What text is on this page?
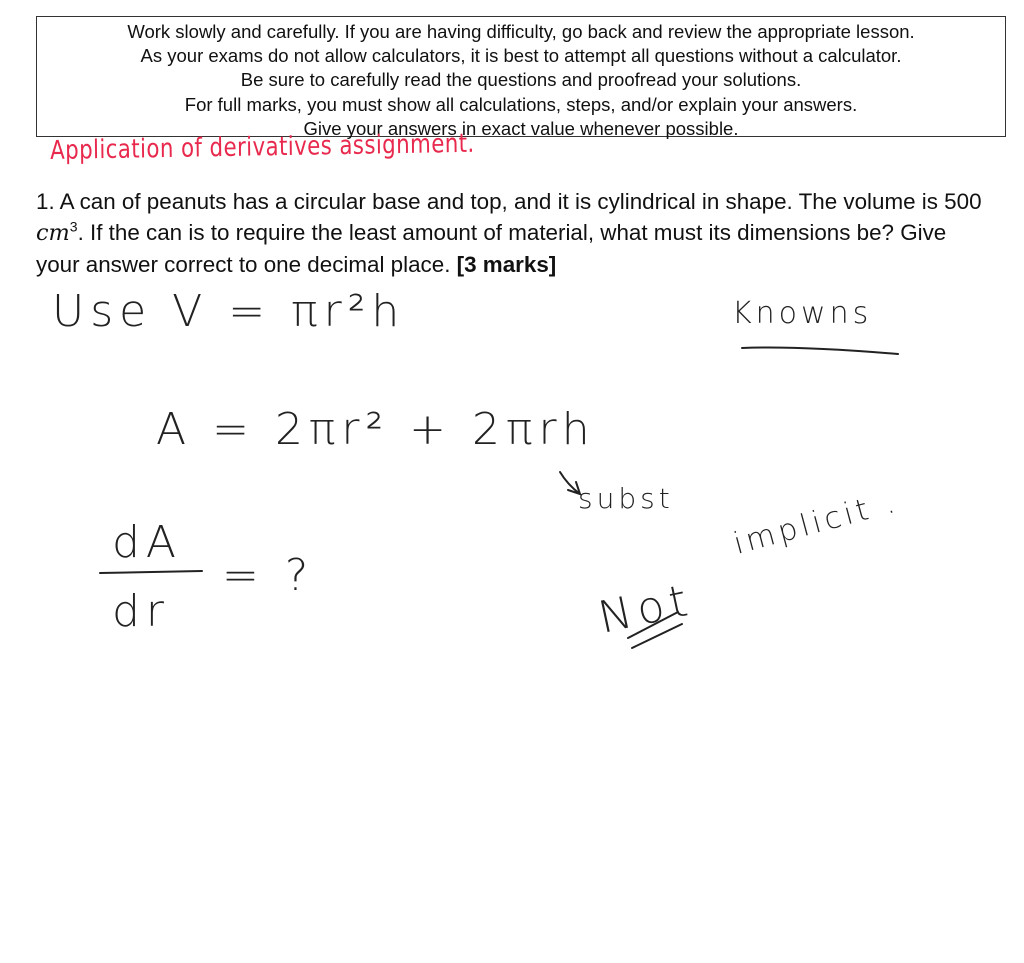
Work slowly and carefully. If you are having difficulty, go back and review the appropriate lesson.
As your exams do not allow calculators, it is best to attempt all questions without a calculator.
Be sure to carefully read the questions and proofread your solutions.
For full marks, you must show all calculations, steps, and/or explain your answers.
Give your answers in exact value whenever possible.
Application of derivatives assignment.
1. A can of peanuts has a circular base and top, and it is cylindrical in shape. The volume is 500 $cm^3$. If the can is to require the least amount of material, what must its dimensions be? Give your answer correct to one decimal place. [3 marks]
Use V = πr²h	Knowns
A = 2πr² + 2πrh
subst
dA
dr
= ?
implicit .
Not
